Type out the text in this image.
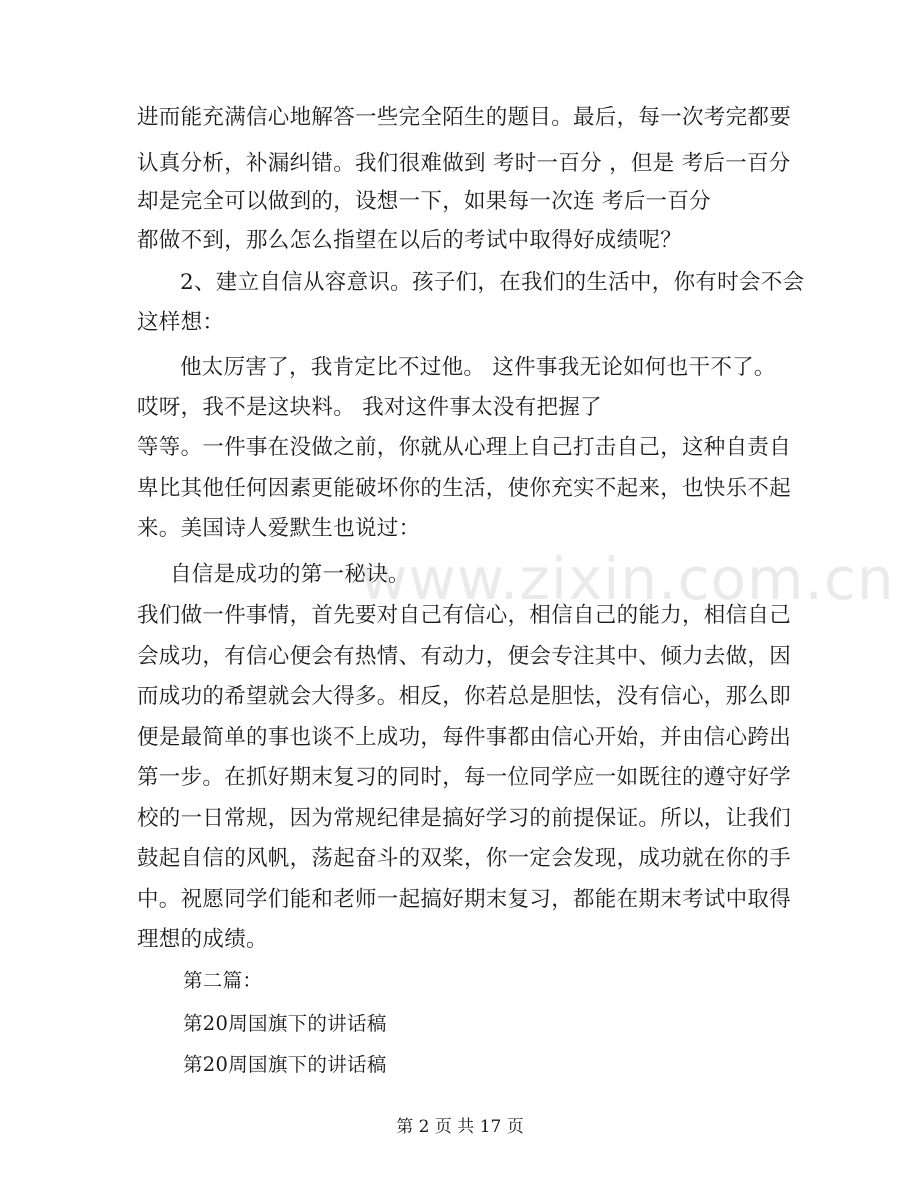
进而能充满信心地解答一些完全陌生的题目。最后，每一次考完都要
认真分析，补漏纠错。我们很难做到 考时一百分 ，但是 考后一百分
却是完全可以做到的，设想一下，如果每一次连 考后一百分
都做不到，那么怎么指望在以后的考试中取得好成绩呢？
2、建立自信从容意识。孩子们，在我们的生活中，你有时会不会
这样想：
他太厉害了，我肯定比不过他。 这件事我无论如何也干不了。
哎呀，我不是这块料。 我对这件事太没有把握了
等等。一件事在没做之前，你就从心理上自己打击自己，这种自责自
卑比其他任何因素更能破坏你的生活，使你充实不起来，也快乐不起
来。美国诗人爱默生也说过：
自信是成功的第一秘诀。
我们做一件事情，首先要对自己有信心，相信自己的能力，相信自己
会成功，有信心便会有热情、有动力，便会专注其中、倾力去做，因
而成功的希望就会大得多。相反，你若总是胆怯，没有信心，那么即
便是最简单的事也谈不上成功，每件事都由信心开始，并由信心跨出
第一步。在抓好期末复习的同时，每一位同学应一如既往的遵守好学
校的一日常规，因为常规纪律是搞好学习的前提保证。所以，让我们
鼓起自信的风帆，荡起奋斗的双桨，你一定会发现，成功就在你的手
中。祝愿同学们能和老师一起搞好期末复习，都能在期末考试中取得
理想的成绩。
第二篇：
第20周国旗下的讲话稿
第20周国旗下的讲话稿
www.zixin.com.cn
第 2 页 共 17 页
